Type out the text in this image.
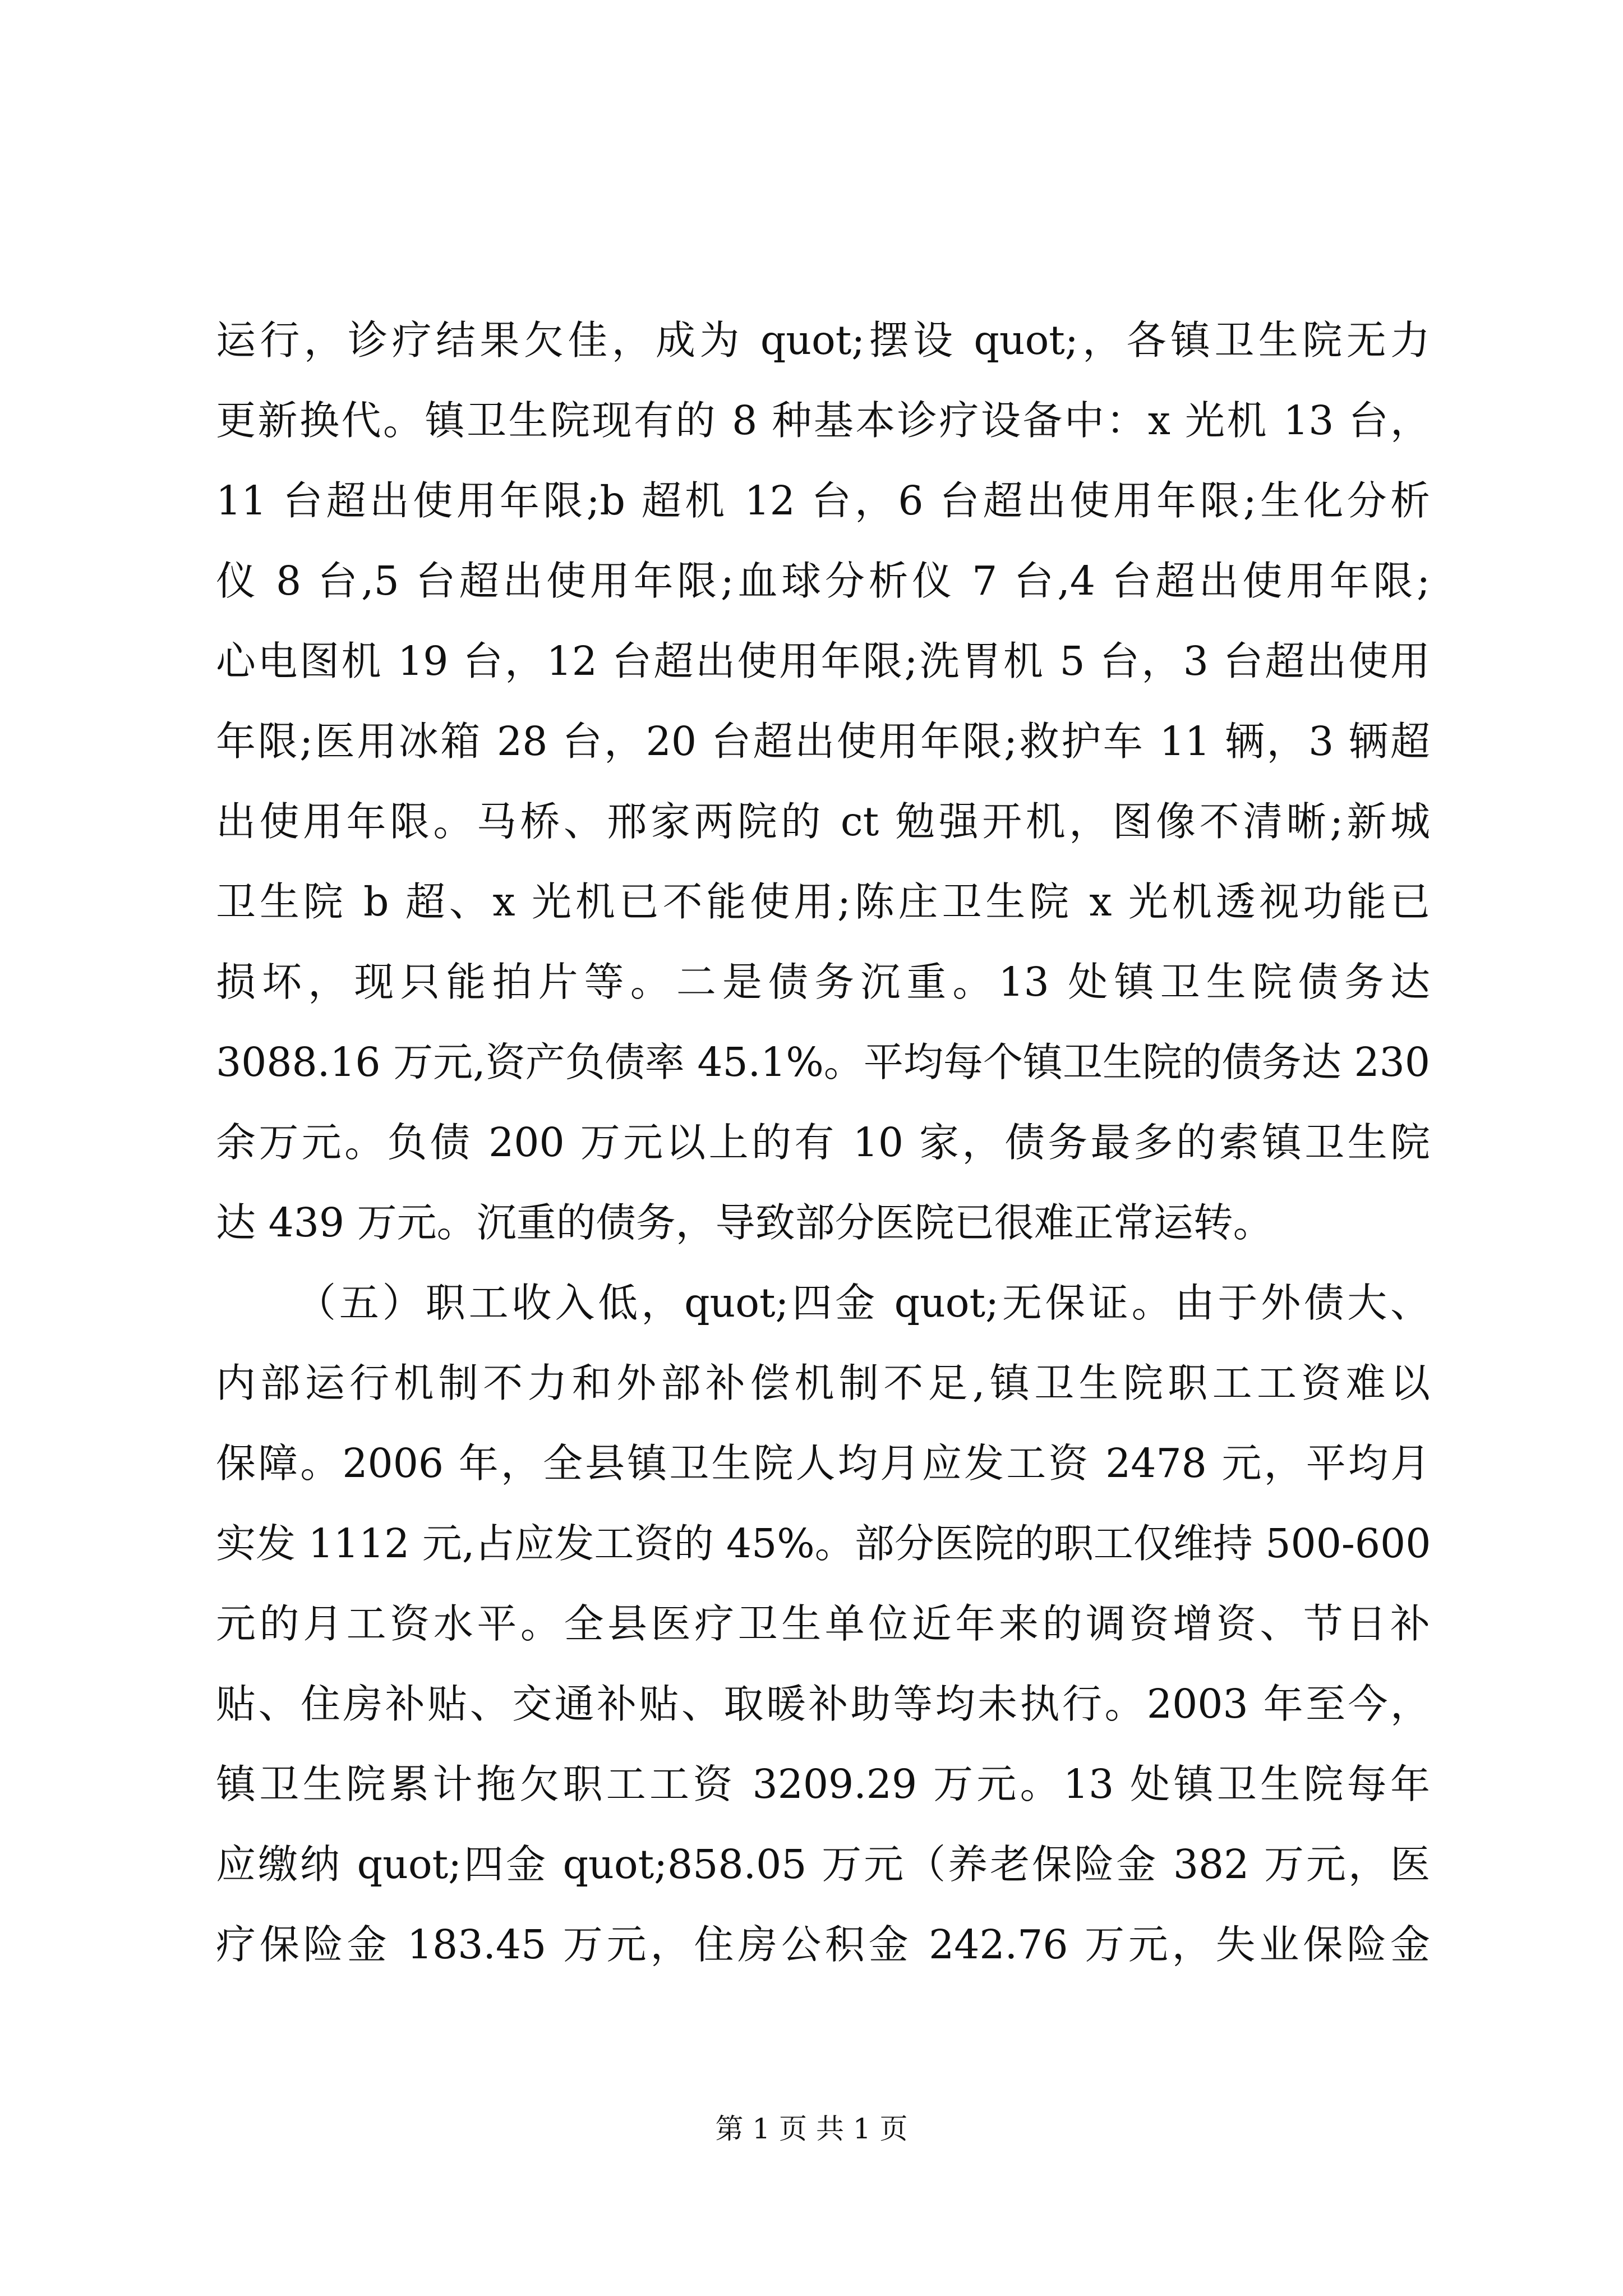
运行，诊疗结果欠佳，成为 quot;摆设 quot;，各镇卫生院无力
更新换代。镇卫生院现有的 8 种基本诊疗设备中：x 光机 13 台，
11 台超出使用年限;b 超机 12 台，6 台超出使用年限;生化分析
仪 8 台,5 台超出使用年限;血球分析仪 7 台,4 台超出使用年限;
心电图机 19 台，12 台超出使用年限;洗胃机 5 台，3 台超出使用
年限;医用冰箱 28 台，20 台超出使用年限;救护车 11 辆，3 辆超
出使用年限。马桥、邢家两院的 ct 勉强开机，图像不清晰;新城
卫生院 b 超、x 光机已不能使用;陈庄卫生院 x 光机透视功能已
损坏，现只能拍片等。二是债务沉重。13 处镇卫生院债务达
3088.16 万元,资产负债率 45.1%。平均每个镇卫生院的债务达 230
余万元。负债 200 万元以上的有 10 家，债务最多的索镇卫生院
达 439 万元。沉重的债务，导致部分医院已很难正常运转。
（五）职工收入低，quot;四金 quot;无保证。由于外债大、
内部运行机制不力和外部补偿机制不足,镇卫生院职工工资难以
保障。2006 年，全县镇卫生院人均月应发工资 2478 元，平均月
实发 1112 元,占应发工资的 45%。部分医院的职工仅维持 500-600
元的月工资水平。全县医疗卫生单位近年来的调资增资、节日补
贴、住房补贴、交通补贴、取暖补助等均未执行。2003 年至今，
镇卫生院累计拖欠职工工资 3209.29 万元。13 处镇卫生院每年
应缴纳 quot;四金 quot;858.05 万元（养老保险金 382 万元，医
疗保险金 183.45 万元，住房公积金 242.76 万元，失业保险金
第 1 页 共 1 页
